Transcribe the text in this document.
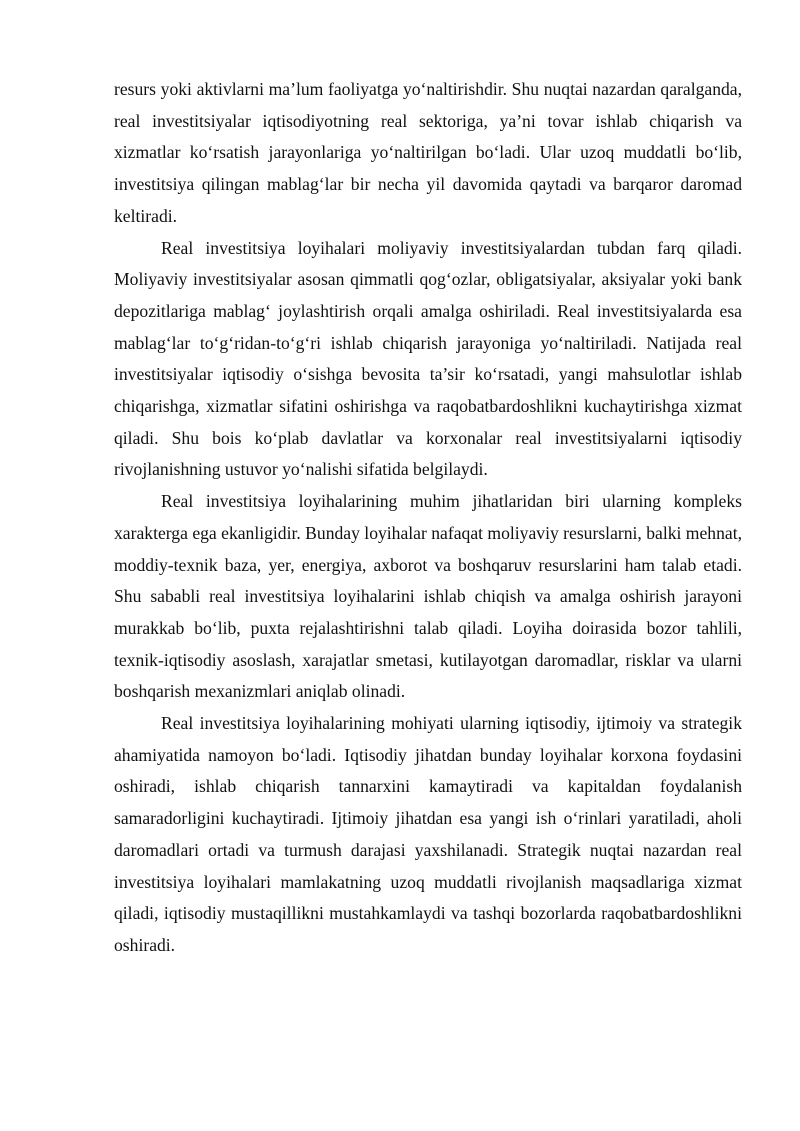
resurs yoki aktivlarni ma’lum faoliyatga yo‘naltirishdir. Shu nuqtai nazardan qaralganda, real investitsiyalar iqtisodiyotning real sektoriga, ya’ni tovar ishlab chiqarish va xizmatlar ko‘rsatish jarayonlariga yo‘naltirilgan bo‘ladi. Ular uzoq muddatli bo‘lib, investitsiya qilingan mablag‘lar bir necha yil davomida qaytadi va barqaror daromad keltiradi.

Real investitsiya loyihalari moliyaviy investitsiyalardan tubdan farq qiladi. Moliyaviy investitsiyalar asosan qimmatli qog‘ozlar, obligatsiyalar, aksiyalar yoki bank depozitlariga mablag‘ joylashtirish orqali amalga oshiriladi. Real investitsiyalarda esa mablag‘lar to‘g‘ridan-to‘g‘ri ishlab chiqarish jarayoniga yo‘naltiriladi. Natijada real investitsiyalar iqtisodiy o‘sishga bevosita ta’sir ko‘rsatadi, yangi mahsulotlar ishlab chiqarishga, xizmatlar sifatini oshirishga va raqobatbardoshlikni kuchaytirishga xizmat qiladi. Shu bois ko‘plab davlatlar va korxonalar real investitsiyalarni iqtisodiy rivojlanishning ustuvor yo‘nalishi sifatida belgilaydi.

Real investitsiya loyihalarining muhim jihatlaridan biri ularning kompleks xarakterga ega ekanligidir. Bunday loyihalar nafaqat moliyaviy resurslarni, balki mehnat, moddiy-texnik baza, yer, energiya, axborot va boshqaruv resurslarini ham talab etadi. Shu sababli real investitsiya loyihalarini ishlab chiqish va amalga oshirish jarayoni murakkab bo‘lib, puxta rejalashtirishni talab qiladi. Loyiha doirasida bozor tahlili, texnik-iqtisodiy asoslash, xarajatlar smetasi, kutilayotgan daromadlar, risklar va ularni boshqarish mexanizmlari aniqlab olinadi.

Real investitsiya loyihalarining mohiyati ularning iqtisodiy, ijtimoiy va strategik ahamiyatida namoyon bo‘ladi. Iqtisodiy jihatdan bunday loyihalar korxona foydasini oshiradi, ishlab chiqarish tannarxini kamaytiradi va kapitaldan foydalanish samaradorligini kuchaytiradi. Ijtimoiy jihatdan esa yangi ish o‘rinlari yaratiladi, aholi daromadlari ortadi va turmush darajasi yaxshilanadi. Strategik nuqtai nazardan real investitsiya loyihalari mamlakatning uzoq muddatli rivojlanish maqsadlariga xizmat qiladi, iqtisodiy mustaqillikni mustahkamlaydi va tashqi bozorlarda raqobatbardoshlikni oshiradi.
